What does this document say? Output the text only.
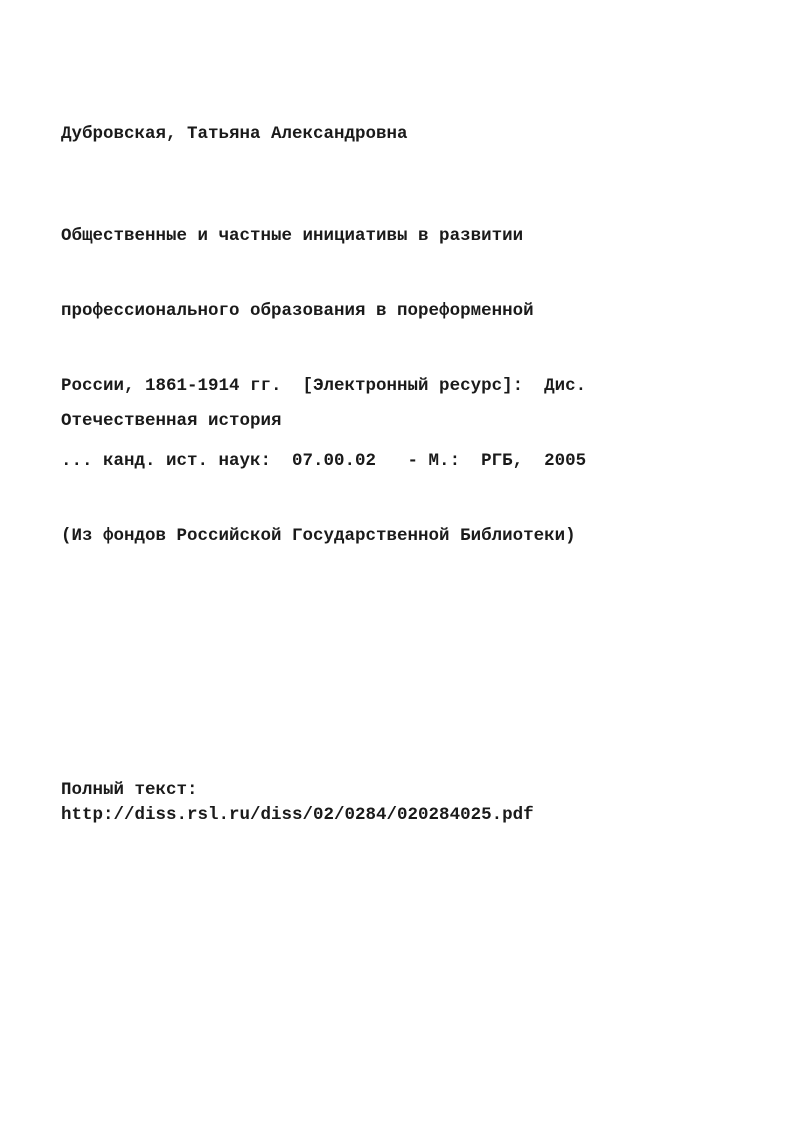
Дубровская, Татьяна Александровна

Общественные и частные инициативы в развитии

профессионального образования в пореформенной

России, 1861-1914 гг.  [Электронный ресурс]:  Дис.

... канд. ист. наук:  07.00.02   - М.:  РГБ,  2005

(Из фондов Российской Государственной Библиотеки)

Отечественная история

Полный текст:

http://diss.rsl.ru/diss/02/0284/020284025.pdf
